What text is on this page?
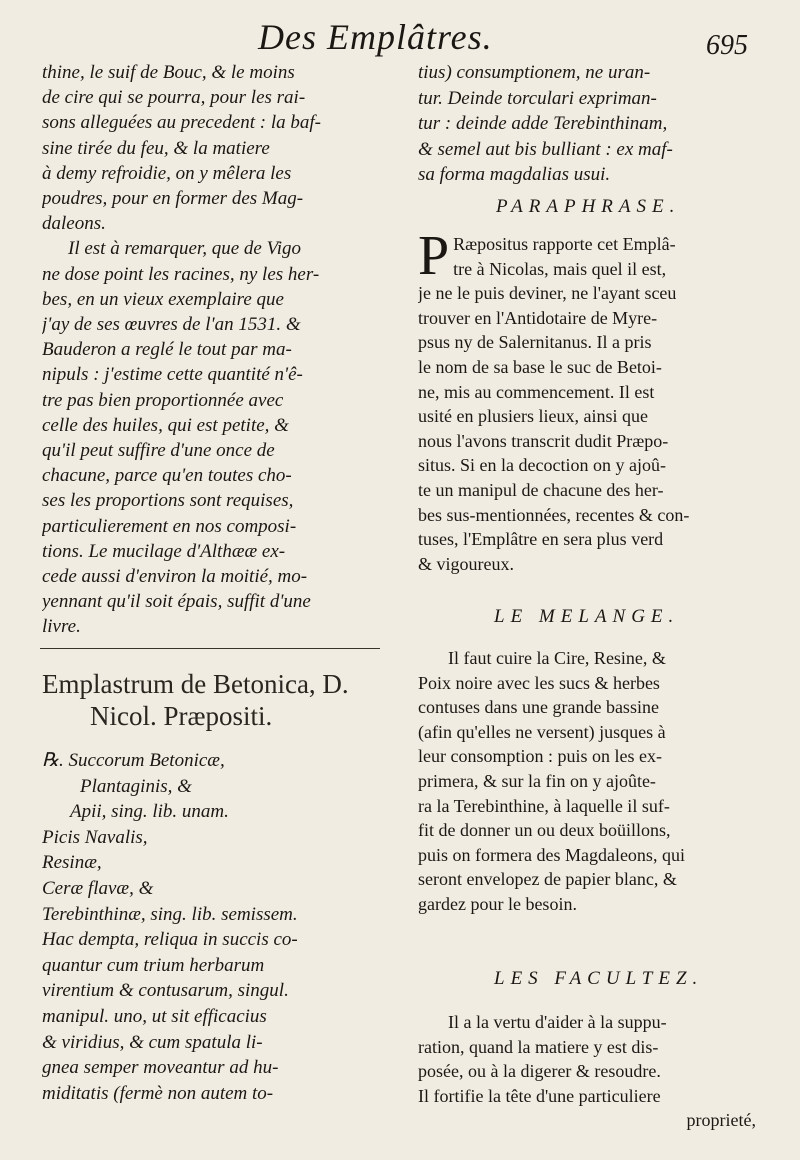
Des Emplâtres.	695
thine, le suif de Bouc, & le moins
de cire qui se pourra, pour les rai-
sons alleguées au precedent : la baf-
sine tirée du feu, & la matiere
à demy refroidie, on y mêlera les
poudres, pour en former des Mag-
daleons.
Il est à remarquer, que de Vigo
ne dose point les racines, ny les her-
bes, en un vieux exemplaire que
j'ay de ses œuvres de l'an 1531. &
Bauderon a reglé le tout par ma-
nipuls : j'estime cette quantité n'ê-
tre pas bien proportionnée avec
celle des huiles, qui est petite, &
qu'il peut suffire d'une once de
chacune, parce qu'en toutes cho-
ses les proportions sont requises,
particulierement en nos composi-
tions. Le mucilage d'Althææ ex-
cede aussi d'environ la moitié, mo-
yennant qu'il soit épais, suffit d'une
livre.
Emplastrum de Betonica, D.
Nicol. Præpositi.
℞. Succorum Betonicæ,
Plantaginis, &
Apii, sing. lib. unam.
Picis Navalis,
Resinæ,
Ceræ flavæ, &
Terebinthinæ, sing. lib. semissem.
Hac dempta, reliqua in succis co-
quantur cum trium herbarum
virentium & contusarum, singul.
manipul. uno, ut sit efficacius
& viridius, & cum spatula li-
gnea semper moveantur ad hu-
miditatis (fermè non autem to-
tius) consumptionem, ne uran-
tur. Deinde torculari expriman-
tur : deinde adde Terebinthinam,
& semel aut bis bulliant : ex maf-
sa forma magdalias usui.
PARAPHRASE.
P Ræpositus rapporte cet Emplâ-
tre à Nicolas, mais quel il est,
je ne le puis deviner, ne l'ayant sceu
trouver en l'Antidotaire de Myre-
psus ny de Salernitanus. Il a pris
le nom de sa base le suc de Betoi-
ne, mis au commencement. Il est
usité en plusiers lieux, ainsi que
nous l'avons transcrit dudit Præpo-
situs. Si en la decoction on y ajoû-
te un manipul de chacune des her-
bes sus-mentionnées, recentes & con-
tuses, l'Emplâtre en sera plus verd
& vigoureux.
LE MELANGE.
Il faut cuire la Cire, Resine, &
Poix noire avec les sucs & herbes
contuses dans une grande bassine
(afin qu'elles ne versent) jusques à
leur consomption : puis on les ex-
primera, & sur la fin on y ajoûte-
ra la Terebinthine, à laquelle il suf-
fit de donner un ou deux boüillons,
puis on formera des Magdaleons, qui
seront envelopez de papier blanc, &
gardez pour le besoin.
LES FACULTEZ.
Il a la vertu d'aider à la suppu-
ration, quand la matiere y est dis-
posée, ou à la digerer & resoudre.
Il fortifie la tête d'une particuliere
proprieté,
